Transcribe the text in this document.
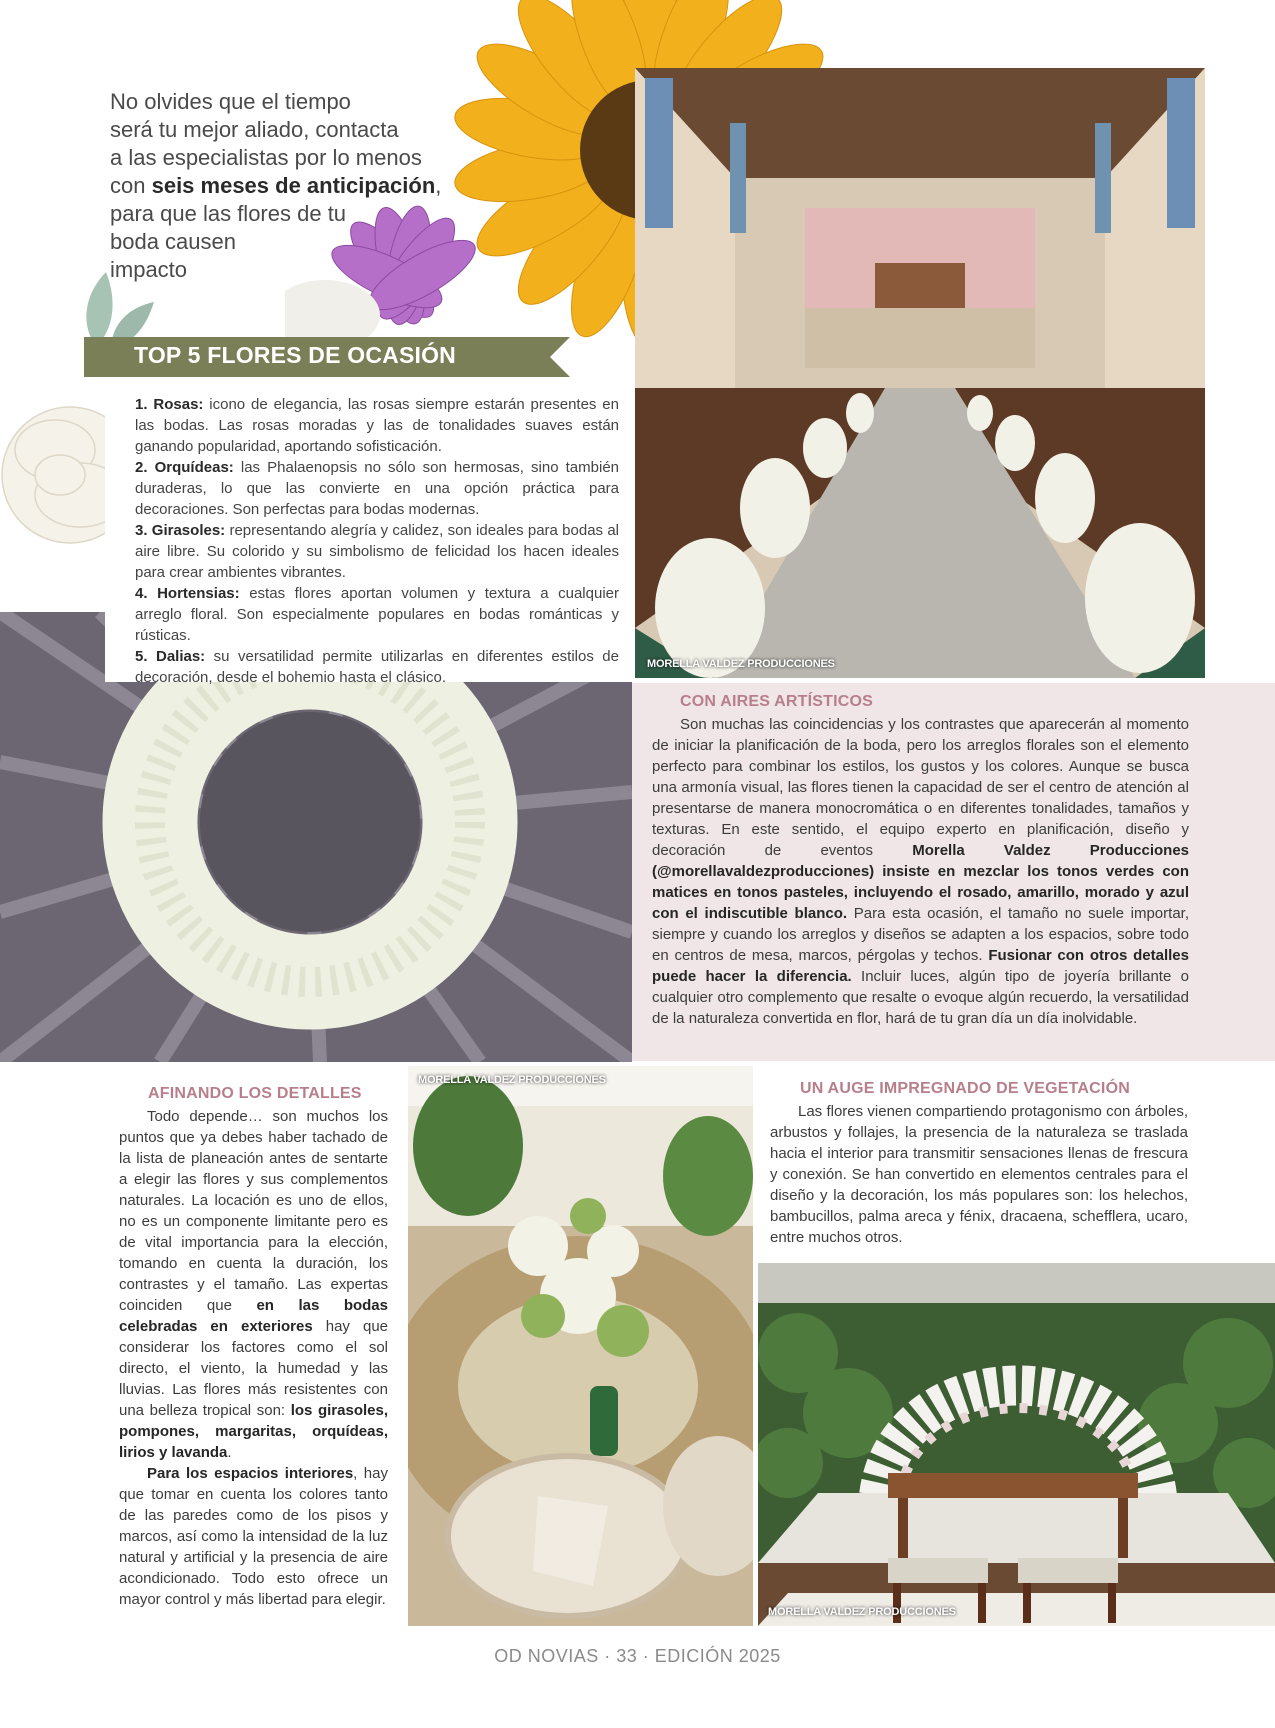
No olvides que el tiempo
será tu mejor aliado, contacta
a las especialistas por lo menos
con seis meses de anticipación,
para que las flores de tu
boda causen
impacto
MORELLA VALDEZ PRODUCCIONES
TOP 5 FLORES DE OCASIÓN

1. Rosas: icono de elegancia, las rosas siempre estarán presentes en las bodas. Las rosas moradas y las de tonalidades suaves están ganando popularidad, aportando sofisticación.

2. Orquídeas: las Phalaenopsis no sólo son hermosas, sino también duraderas, lo que las convierte en una opción práctica para decoraciones. Son perfectas para bodas modernas.

3. Girasoles: representando alegría y calidez, son ideales para bodas al aire libre. Su colorido y su simbolismo de felicidad los hacen ideales para crear ambientes vibrantes.

4. Hortensias: estas flores aportan volumen y textura a cualquier arreglo floral. Son especialmente populares en bodas románticas y rústicas.

5. Dalias: su versatilidad permite utilizarlas en diferentes estilos de decoración, desde el bohemio hasta el clásico.

CON AIRES ARTÍSTICOS

Son muchas las coincidencias y los contrastes que aparecerán al momento de iniciar la planificación de la boda, pero los arreglos florales son el elemento perfecto para combinar los estilos, los gustos y los colores. Aunque se busca una armonía visual, las flores tienen la capacidad de ser el centro de atención al presentarse de manera monocromática o en diferentes tonalidades, tamaños y texturas. En este sentido, el equipo experto en planificación, diseño y decoración de eventos Morella Valdez Producciones (@morellavaldezproducciones) insiste en mezclar los tonos verdes con matices en tonos pasteles, incluyendo el rosado, amarillo, morado y azul con el indiscutible blanco. Para esta ocasión, el tamaño no suele importar, siempre y cuando los arreglos y diseños se adapten a los espacios, sobre todo en centros de mesa, marcos, pérgolas y techos. Fusionar con otros detalles puede hacer la diferencia. Incluir luces, algún tipo de joyería brillante o cualquier otro complemento que resalte o evoque algún recuerdo, la versatilidad de la naturaleza convertida en flor, hará de tu gran día un día inolvidable.

AFINANDO LOS DETALLES

Todo depende… son muchos los puntos que ya debes haber tachado de la lista de planeación antes de sentarte a elegir las flores y sus complementos naturales. La locación es uno de ellos, no es un componente limitante pero es de vital importancia para la elección, tomando en cuenta la duración, los contrastes y el tamaño. Las expertas coinciden que en las bodas celebradas en exteriores hay que considerar los factores como el sol directo, el viento, la humedad y las lluvias. Las flores más resistentes con una belleza tropical son: los girasoles, pompones, margaritas, orquídeas, lirios y lavanda.

Para los espacios interiores, hay que tomar en cuenta los colores tanto de las paredes como de los pisos y marcos, así como la intensidad de la luz natural y artificial y la presencia de aire acondicionado. Todo esto ofrece un mayor control y más libertad para elegir.

MORELLA VALDEZ PRODUCCIONES	UN AUGE IMPREGNADO DE VEGETACIÓN

Las flores vienen compartiendo protagonismo con árboles, arbustos y follajes, la presencia de la naturaleza se traslada hacia el interior para transmitir sensaciones llenas de frescura y conexión. Se han convertido en elementos centrales para el diseño y la decoración, los más populares son: los helechos, bambucillos, palma areca y fénix, dracaena, schefflera, ucaro, entre muchos otros.

MORELLA VALDEZ PRODUCCIONES
OD NOVIAS · 33 · EDICIÓN 2025
